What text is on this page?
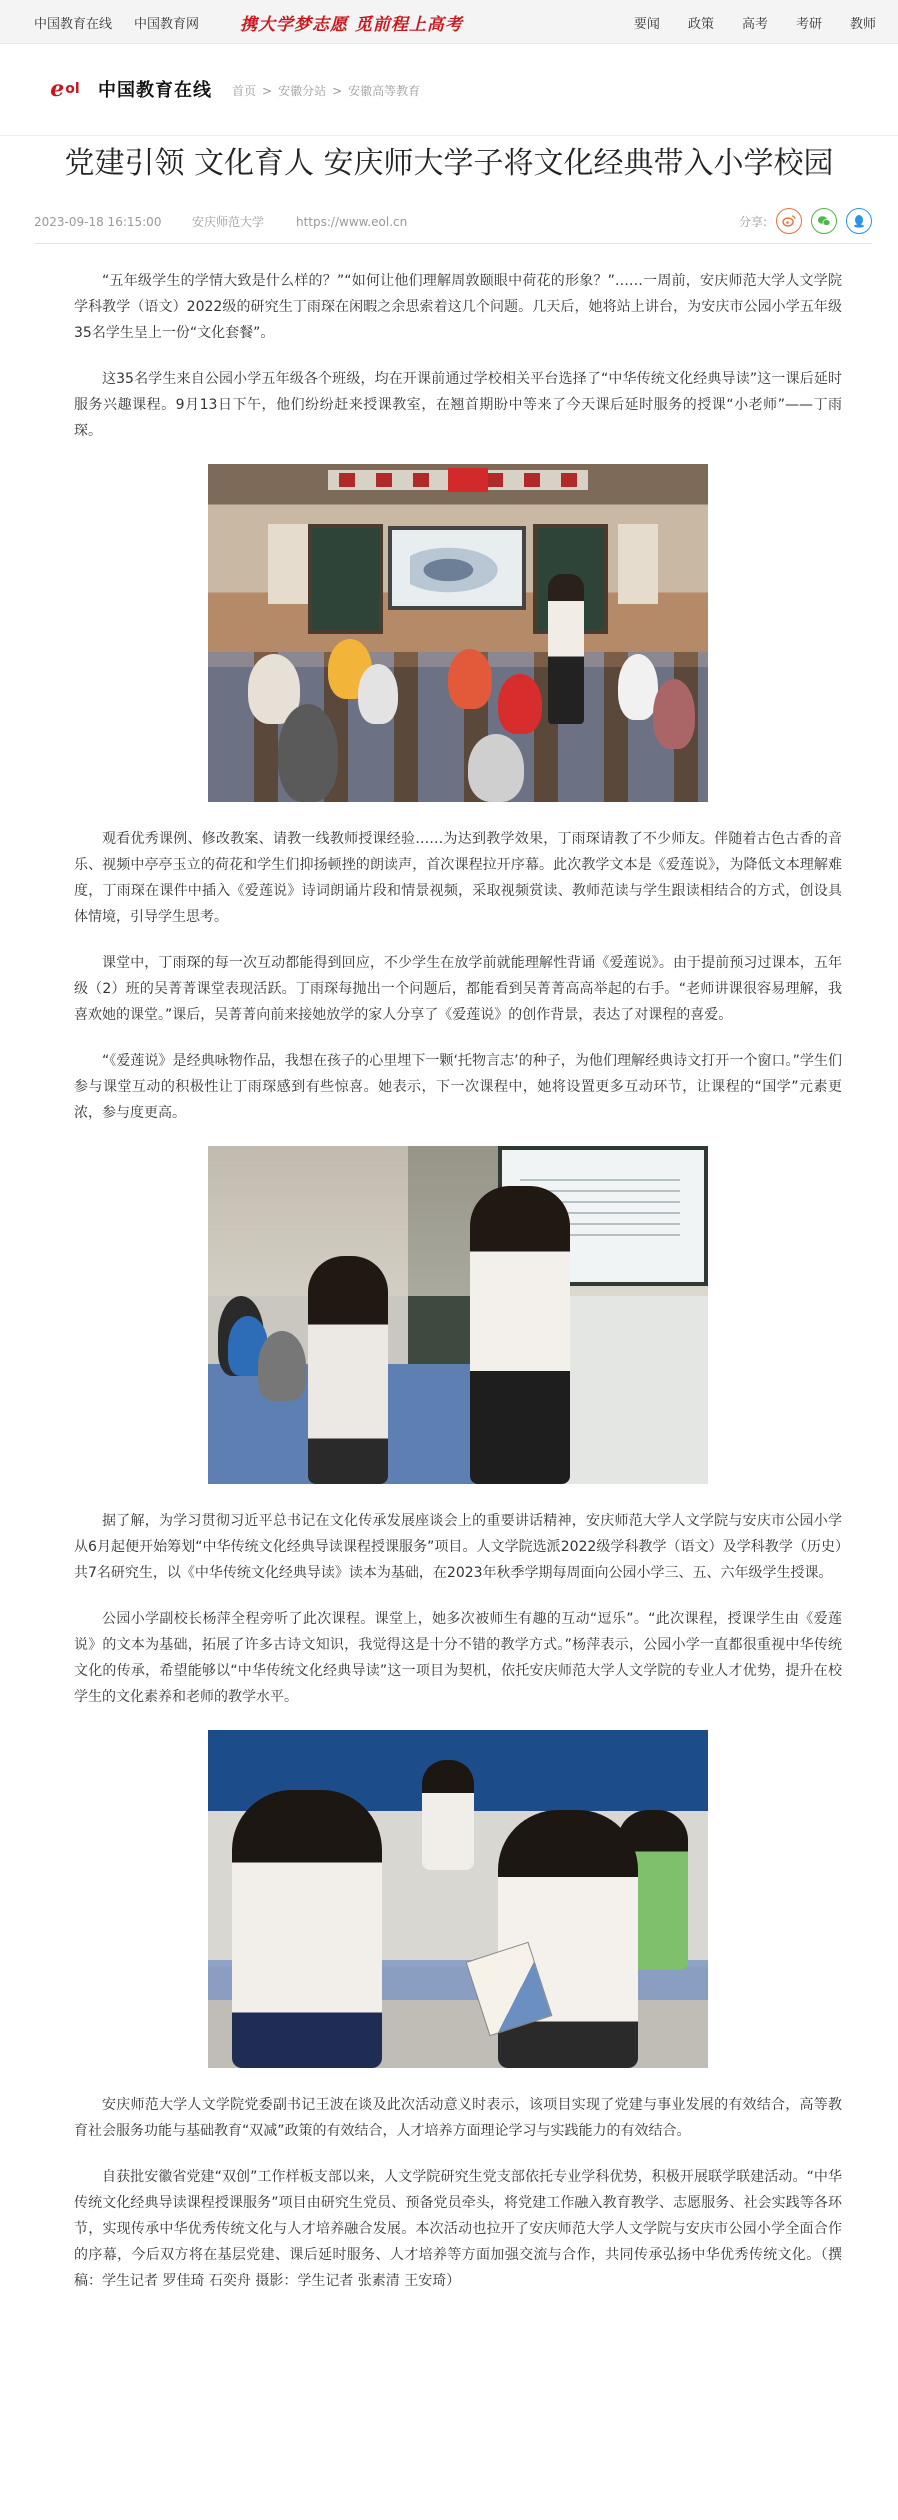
中国教育在线 中国教育网 携大学梦志愿 觅前程上高考	要闻 政策 高考 考研 教师
e ol 中国教育在线 首页 > 安徽分站 > 安徽高等教育
党建引领 文化育人 安庆师大学子将文化经典带入小学校园
2023-09-18 16:15:00	安庆师范大学	https://www.eol.cn	分享:

“五年级学生的学情大致是什么样的？”“如何让他们理解周敦颐眼中荷花的形象？”……一周前，安庆师范大学人文学院学科教学（语文）2022级的研究生丁雨琛在闲暇之余思索着这几个问题。几天后，她将站上讲台，为安庆市公园小学五年级35名学生呈上一份“文化套餐”。

这35名学生来自公园小学五年级各个班级，均在开课前通过学校相关平台选择了“中华传统文化经典导读”这一课后延时服务兴趣课程。9月13日下午，他们纷纷赶来授课教室，在翘首期盼中等来了今天课后延时服务的授课“小老师”——丁雨琛。

观看优秀课例、修改教案、请教一线教师授课经验……为达到教学效果，丁雨琛请教了不少师友。伴随着古色古香的音乐、视频中亭亭玉立的荷花和学生们抑扬顿挫的朗读声，首次课程拉开序幕。此次教学文本是《爱莲说》，为降低文本理解难度，丁雨琛在课件中插入《爱莲说》诗词朗诵片段和情景视频，采取视频赏读、教师范读与学生跟读相结合的方式，创设具体情境，引导学生思考。

课堂中，丁雨琛的每一次互动都能得到回应，不少学生在放学前就能理解性背诵《爱莲说》。由于提前预习过课本，五年级（2）班的吴菁菁课堂表现活跃。丁雨琛每抛出一个问题后，都能看到吴菁菁高高举起的右手。“老师讲课很容易理解，我喜欢她的课堂。”课后，吴菁菁向前来接她放学的家人分享了《爱莲说》的创作背景，表达了对课程的喜爱。

“《爱莲说》是经典咏物作品，我想在孩子的心里埋下一颗‘托物言志’的种子，为他们理解经典诗文打开一个窗口。”学生们参与课堂互动的积极性让丁雨琛感到有些惊喜。她表示，下一次课程中，她将设置更多互动环节，让课程的“国学”元素更浓，参与度更高。

据了解，为学习贯彻习近平总书记在文化传承发展座谈会上的重要讲话精神，安庆师范大学人文学院与安庆市公园小学从6月起便开始筹划“中华传统文化经典导读课程授课服务”项目。人文学院选派2022级学科教学（语文）及学科教学（历史）共7名研究生，以《中华传统文化经典导读》读本为基础，在2023年秋季学期每周面向公园小学三、五、六年级学生授课。

公园小学副校长杨萍全程旁听了此次课程。课堂上，她多次被师生有趣的互动“逗乐”。“此次课程，授课学生由《爱莲说》的文本为基础，拓展了许多古诗文知识，我觉得这是十分不错的教学方式。”杨萍表示，公园小学一直都很重视中华传统文化的传承，希望能够以“中华传统文化经典导读”这一项目为契机，依托安庆师范大学人文学院的专业人才优势，提升在校学生的文化素养和老师的教学水平。

安庆师范大学人文学院党委副书记王波在谈及此次活动意义时表示，该项目实现了党建与事业发展的有效结合，高等教育社会服务功能与基础教育“双减”政策的有效结合，人才培养方面理论学习与实践能力的有效结合。

自获批安徽省党建“双创”工作样板支部以来，人文学院研究生党支部依托专业学科优势，积极开展联学联建活动。“中华传统文化经典导读课程授课服务”项目由研究生党员、预备党员牵头，将党建工作融入教育教学、志愿服务、社会实践等各环节，实现传承中华优秀传统文化与人才培养融合发展。本次活动也拉开了安庆师范大学人文学院与安庆市公园小学全面合作的序幕，今后双方将在基层党建、课后延时服务、人才培养等方面加强交流与合作，共同传承弘扬中华优秀传统文化。（撰稿：学生记者 罗佳琦 石奕舟 摄影：学生记者 张素清 王安琦）
